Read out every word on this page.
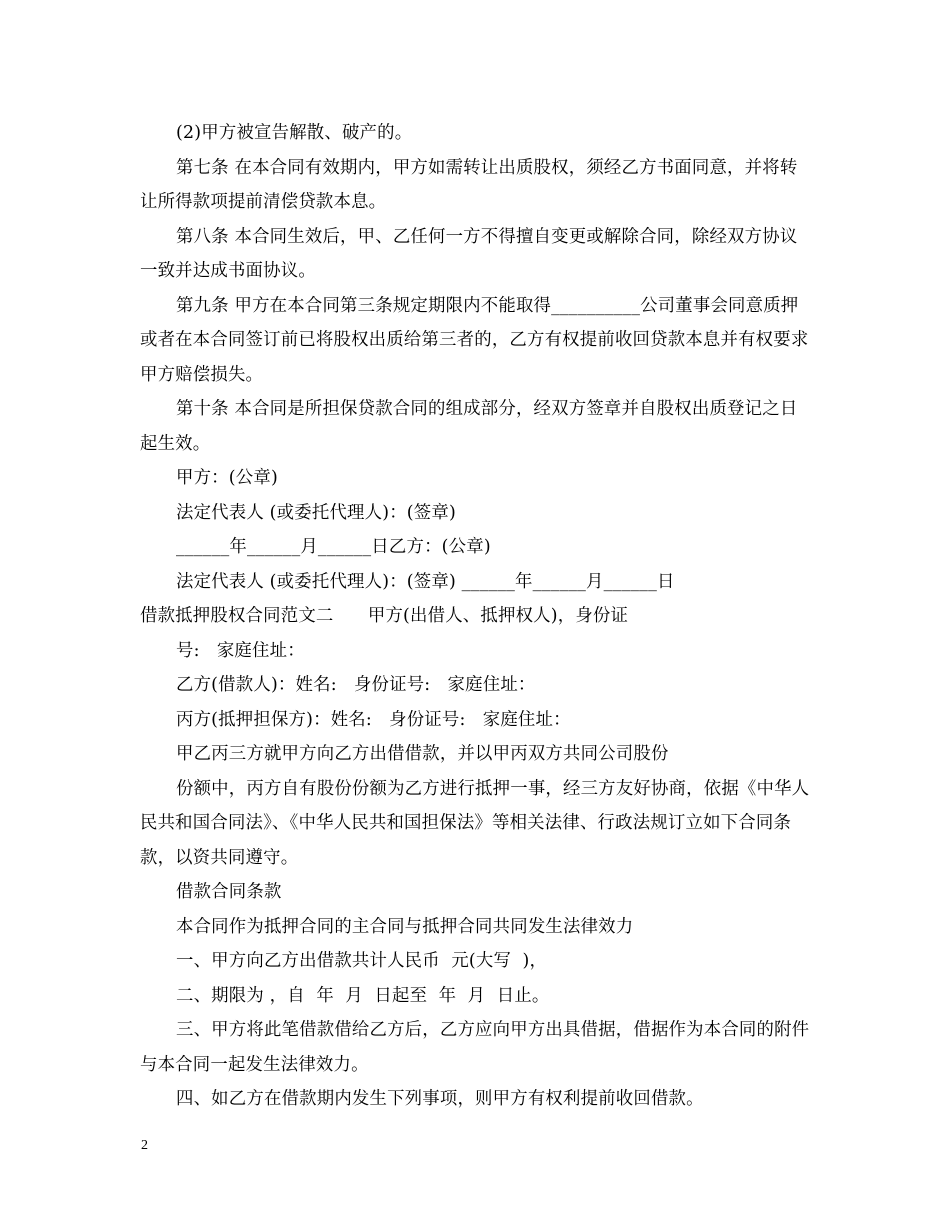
(2)甲方被宣告解散、破产的。

第七条 在本合同有效期内，甲方如需转让出质股权，须经乙方书面同意，并将转让所得款项提前清偿贷款本息。

第八条 本合同生效后，甲、乙任何一方不得擅自变更或解除合同，除经双方协议一致并达成书面协议。

第九条 甲方在本合同第三条规定期限内不能取得__________公司董事会同意质押或者在本合同签订前已将股权出质给第三者的，乙方有权提前收回贷款本息并有权要求甲方赔偿损失。

第十条 本合同是所担保贷款合同的组成部分，经双方签章并自股权出质登记之日起生效。

甲方：(公章)

法定代表人 (或委托代理人)：(签章)

______年______月______日乙方：(公章)

法定代表人 (或委托代理人)：(签章) ______年______月______日

借款抵押股权合同范文二      甲方(出借人、抵押权人)，身份证

号:   家庭住址：

乙方(借款人)：姓名:   身份证号:   家庭住址：

丙方(抵押担保方)：姓名:   身份证号:   家庭住址：

甲乙丙三方就甲方向乙方出借借款，并以甲丙双方共同公司股份

份额中，丙方自有股份份额为乙方进行抵押一事，经三方友好协商，依据《中华人民共和国合同法》、《中华人民共和国担保法》等相关法律、行政法规订立如下合同条款，以资共同遵守。

借款合同条款

本合同作为抵押合同的主合同与抵押合同共同发生法律效力

一、甲方向乙方出借款共计人民币  元(大写  )，

二、期限为 ，自  年  月  日起至  年  月  日止。

三、甲方将此笔借款借给乙方后，乙方应向甲方出具借据，借据作为本合同的附件与本合同一起发生法律效力。

四、如乙方在借款期内发生下列事项，则甲方有权利提前收回借款。

2
